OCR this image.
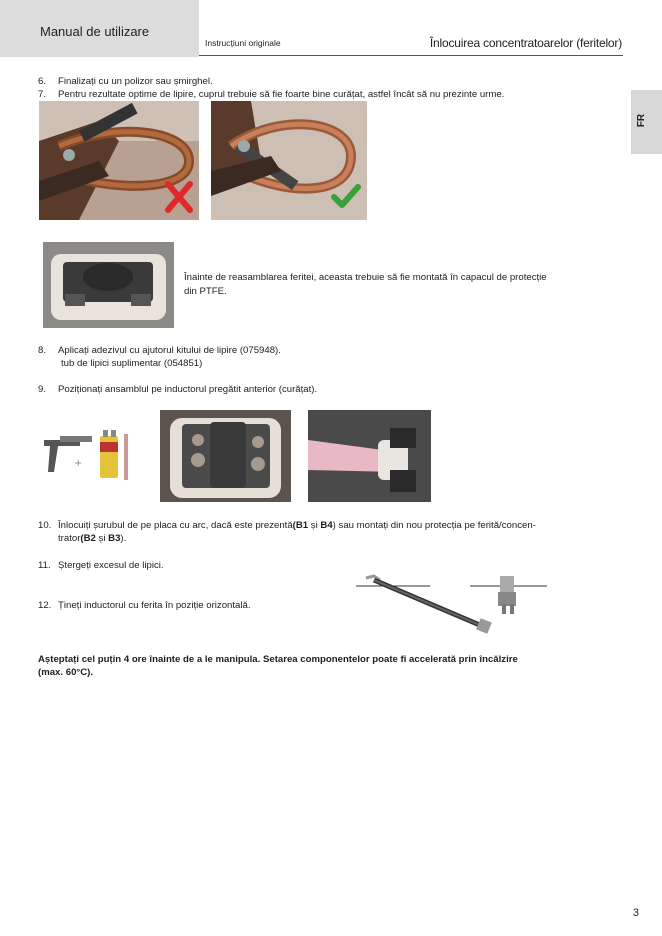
Manual de utilizare
Instrucțiuni originale	Înlocuirea concentratoarelor (feritelor)
FR
6. Finalizați cu un polizor sau șmirghel.
7. Pentru rezultate optime de lipire, cuprul trebuie să fie foarte bine curățat, astfel încât să nu prezinte urme.
Înainte de reasamblarea feritei, aceasta trebuie să fie montată în capacul de protecție
din PTFE.
8. Aplicați adezivul cu ajutorul kitului de lipire (075948).
tub de lipici suplimentar (054851)
9. Poziționați ansamblul pe inductorul pregătit anterior (curățat).
+
10. Înlocuiți șurubul de pe placa cu arc, dacă este prezentă(B1 și B4) sau montați din nou protecția pe ferită/concen-
trator(B2 și B3).
11. Ștergeți excesul de lipici.
12. Țineți inductorul cu ferita în poziție orizontală.
Așteptați cel puțin 4 ore înainte de a le manipula. Setarea componentelor poate fi accelerată prin încălzire
(max. 60°C).
3
